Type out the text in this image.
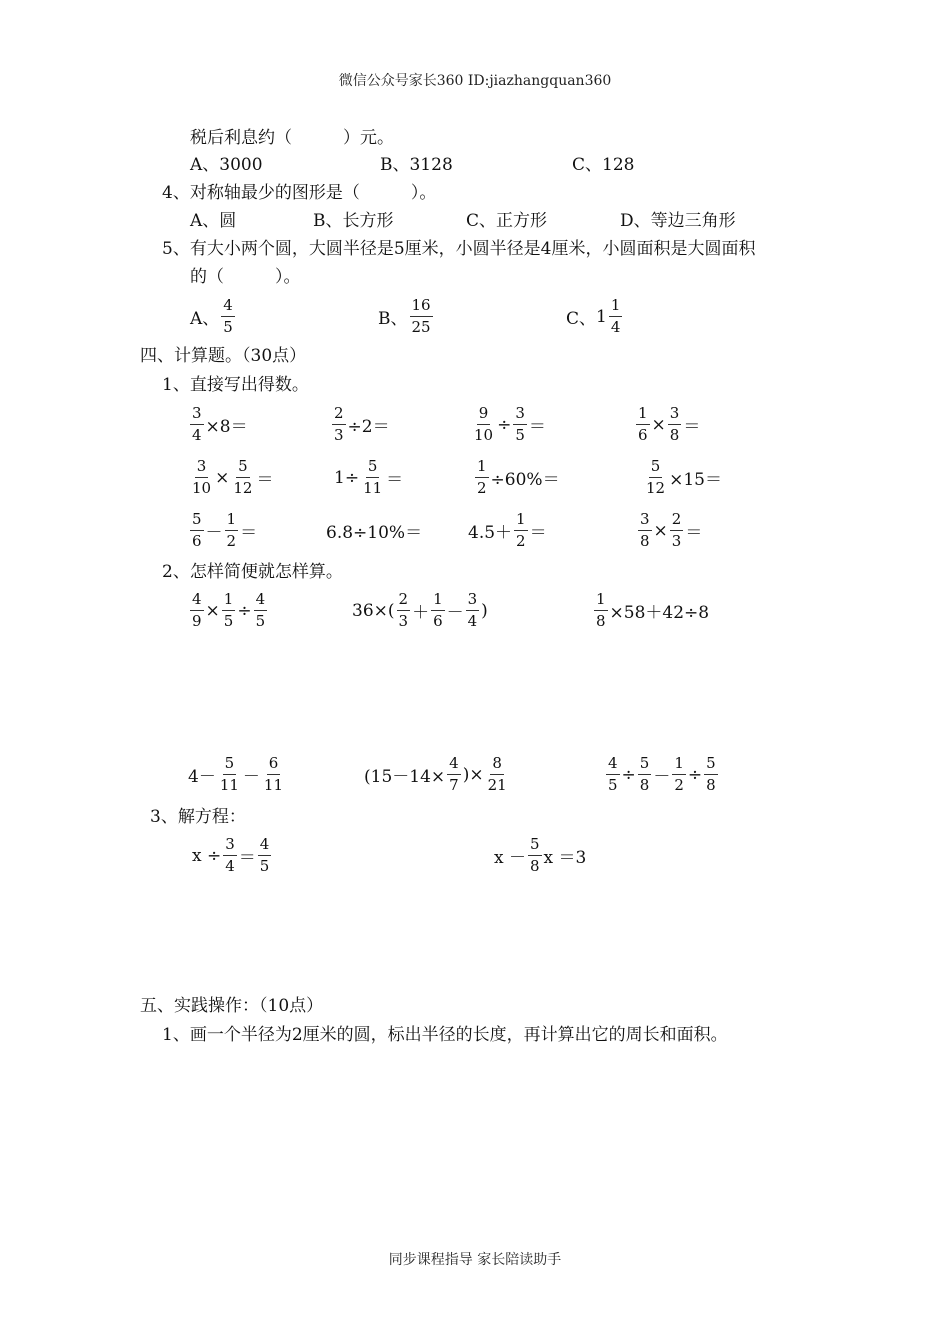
微信公众号家长360 ID:jiazhangquan360
税后利息约（　　　）元。
A、3000	B、3128	C、128
4、对称轴最少的图形是（　　　）。
A、圆	B、长方形	C、正方形	D、等边三角形
5、有大小两个圆，大圆半径是5厘米，小圆半径是4厘米，小圆面积是大圆面积
的（　　　）。
A、 $\frac{4}{5}$	B、 $\frac{16}{25}$	C、 $1 \frac{1}{4}$
四、计算题。（30点）
1、直接写出得数。
$\frac{3}{4} \times 8=$	$\frac{2}{3} \div 2=$	$\frac{9}{10} \div \frac{3}{5}$ ＝	$\frac{1}{6} \times \frac{3}{8}$ ＝
$\frac{3}{10} \times \frac{5}{12}$ ＝	$1\div \frac{5}{11}$ ＝	$\frac{1}{2} \div 60\%=$	$\frac{5}{12} \times 15=$
$\frac{5}{6} - \frac{1}{2}$ ＝	6.8÷10%＝	$4.5+ \frac{1}{2}$ ＝	$\frac{3}{8} \times \frac{2}{3}$ ＝
2、怎样简便就怎样算。
$\frac{4}{9} \times \frac{1}{5} \div \frac{4}{5}$	36× ( $\frac{2}{3} + \frac{1}{6} - \frac{3}{4}$ )	$\frac{1}{8} \times 58+42\div 8$
$4- \frac{5}{11} - \frac{6}{11}$	($15-14\times \frac{4}{7}$ )× $\frac{8}{21}$	$\frac{4}{5} \div \frac{5}{8} - \frac{1}{2} \div \frac{5}{8}$
3、解方程：
$x \div \frac{3}{4} = \frac{4}{5}$	$x - \frac{5}{8}$ x ＝3
五、实践操作：（10点）
1、画一个半径为2厘米的圆，标出半径的长度，再计算出它的周长和面积。
同步课程指导 家长陪读助手
